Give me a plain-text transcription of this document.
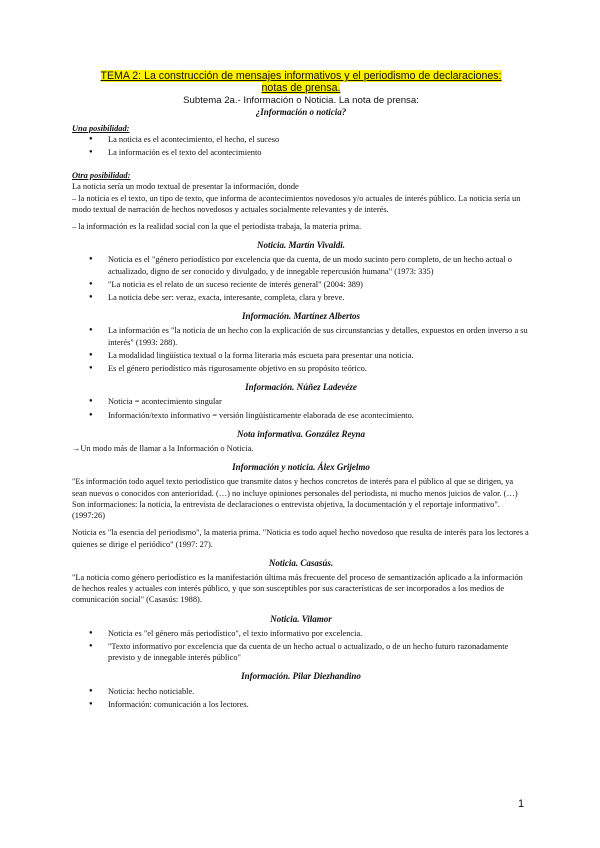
TEMA 2: La construcción de mensajes informativos y el periodismo de declaraciones:
notas de prensa.

Subtema 2a.- Información o Noticia. La nota de prensa:

¿Información o noticia?

Una posibilidad:

● La noticia es el acontecimiento, el hecho, el suceso
● La información es el texto del acontecimiento

Otra posibilidad:

La noticia sería un modo textual de presentar la información, donde

– la noticia es el texto, un tipo de texto, que informa de acontecimientos novedosos y/o actuales de interés público. La noticia sería un modo textual de narración de hechos novedosos y actuales socialmente relevantes y de interés.

– la información es la realidad social con la que el periodista trabaja, la materia prima.

Noticia. Martín Vivaldi.

● Noticia es el "género periodístico por excelencia que da cuenta, de un modo sucinto pero completo, de un hecho actual o actualizado, digno de ser conocido y divulgado, y de innegable repercusión humana" (1973: 335)
● "La noticia es el relato de un suceso reciente de interés general" (2004: 389)
● La noticia debe ser: veraz, exacta, interesante, completa, clara y breve.

Información. Martínez Albertos

● La información es "la noticia de un hecho con la explicación de sus circunstancias y detalles, expuestos en orden inverso a su interés" (1993: 288).
● La modalidad lingüística textual o la forma literaria más escueta para presentar una noticia.
● Es el género periodístico más rigurosamente objetivo en su propósito teórico.

Información. Núñez Ladevéze

● Noticia = acontecimiento singular
● Información/texto informativo = versión lingüísticamente elaborada de ese acontecimiento.

Nota informativa. González Reyna

→Un modo más de llamar a la Información o Noticia.

Información y noticia. Álex Grijelmo

"Es información todo aquel texto periodístico que transmite datos y hechos concretos de interés para el público al que se dirigen, ya sean nuevos o conocidos con anterioridad. (…) no incluye opiniones personales del periodista, ni mucho menos juicios de valor. (…) Son informaciones: la noticia, la entrevista de declaraciones o entrevista objetiva, la documentación y el reportaje informativo". (1997:26)

Noticia es "la esencia del periodismo", la materia prima. "Noticia es todo aquel hecho novedoso que resulta de interés para los lectores a quienes se dirige el periódico" (1997: 27).

Noticia. Casasús.

"La noticia como género periodístico es la manifestación última más frecuente del proceso de semantización aplicado a la información de hechos reales y actuales con interés público, y que son susceptibles por sus características de ser incorporados a los medios de comunicación social" (Casasús: 1988).

Noticia. Vilamor

● Noticia es "el género más periodístico", el texto informativo por excelencia.
● "Texto informativo por excelencia que da cuenta de un hecho actual o actualizado, o de un hecho futuro razonadamente previsto y de innegable interés público"

Información. Pilar Diezhandino

● Noticia: hecho noticiable.
● Información: comunicación a los lectores.
1
